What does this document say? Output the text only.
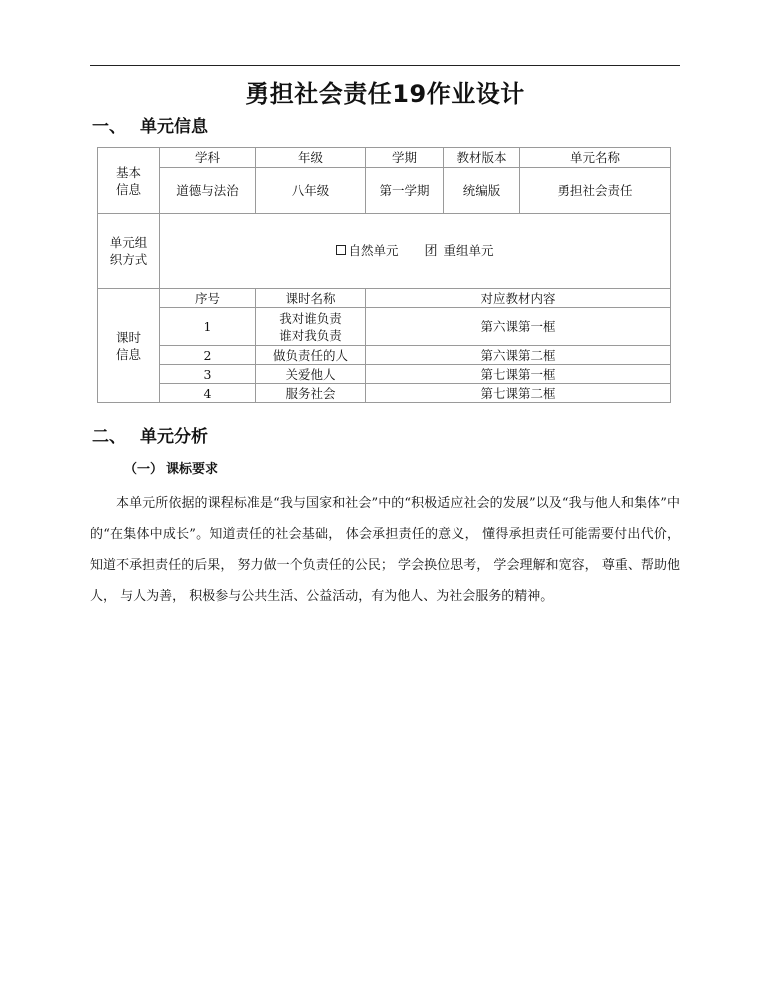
勇担社会责任19作业设计
一、 单元信息
基本
信息	学科	年级	学期	教材版本	单元名称
	道德与法治	八年级	第一学期	统编版	勇担社会责任
单元组
织方式	自然单元 团 重组单元				
课时
信息	序号	课时名称	对应教材内容		
	1	我对谁负责
谁对我负责	第六课第一框		
	2	做负责任的人	第六课第二框		
	3	关爱他人	第七课第一框		
	4	服务社会	第七课第二框		
二、 单元分析
（一） 课标要求

本单元所依据的课程标准是“我与国家和社会”中的“积极适应社会的发展”以及“我与他人和集体”中的“在集体中成长”。知道责任的社会基础， 体会承担责任的意义， 懂得承担责任可能需要付出代价， 知道不承担责任的后果， 努力做一个负责任的公民； 学会换位思考， 学会理解和宽容， 尊重、帮助他人， 与人为善， 积极参与公共生活、公益活动，有为他人、为社会服务的精神。
